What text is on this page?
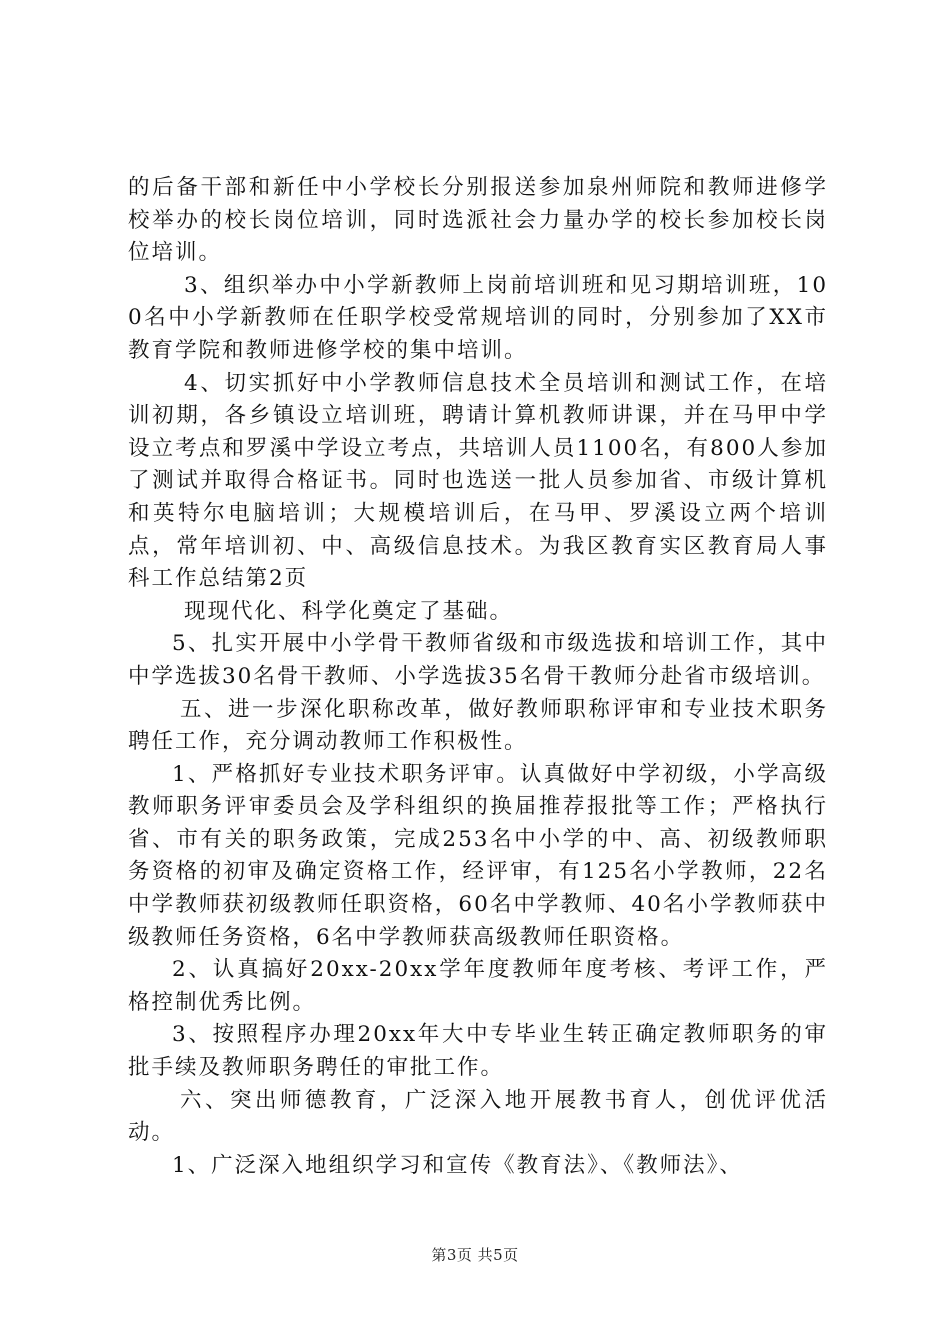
的后备干部和新任中小学校长分别报送参加泉州师院和教师进修学校举办的校长岗位培训，同时选派社会力量办学的校长参加校长岗位培训。

3、组织举办中小学新教师上岗前培训班和见习期培训班，100名中小学新教师在任职学校受常规培训的同时，分别参加了XX市教育学院和教师进修学校的集中培训。

4、切实抓好中小学教师信息技术全员培训和测试工作，在培训初期，各乡镇设立培训班，聘请计算机教师讲课，并在马甲中学设立考点和罗溪中学设立考点，共培训人员1100名，有800人参加了测试并取得合格证书。同时也选送一批人员参加省、市级计算机和英特尔电脑培训；大规模培训后，在马甲、罗溪设立两个培训点，常年培训初、中、高级信息技术。为我区教育实区教育局人事科工作总结第2页

现现代化、科学化奠定了基础。

5、扎实开展中小学骨干教师省级和市级选拔和培训工作，其中中学选拔30名骨干教师、小学选拔35名骨干教师分赴省市级培训。

五、进一步深化职称改革，做好教师职称评审和专业技术职务聘任工作，充分调动教师工作积极性。

1、严格抓好专业技术职务评审。认真做好中学初级，小学高级教师职务评审委员会及学科组织的换届推荐报批等工作；严格执行省、市有关的职务政策，完成253名中小学的中、高、初级教师职务资格的初审及确定资格工作，经评审，有125名小学教师，22名中学教师获初级教师任职资格，60名中学教师、40名小学教师获中级教师任务资格，6名中学教师获高级教师任职资格。

2、认真搞好20xx-20xx学年度教师年度考核、考评工作，严格控制优秀比例。

3、按照程序办理20xx年大中专毕业生转正确定教师职务的审批手续及教师职务聘任的审批工作。

六、突出师德教育，广泛深入地开展教书育人，创优评优活动。

1、广泛深入地组织学习和宣传《教育法》、《教师法》、

第3页 共5页
